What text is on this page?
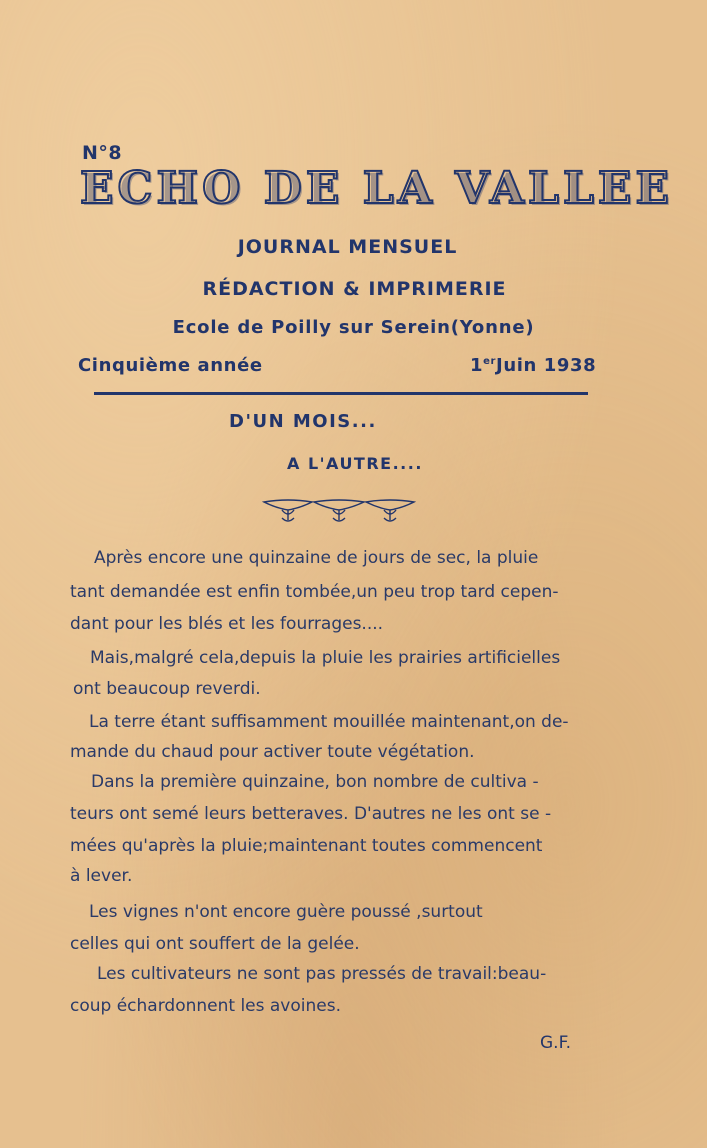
N°8
ECHO DE LA VALLEE
JOURNAL MENSUEL
RÉDACTION & IMPRIMERIE
Ecole de Poilly sur Serein(Yonne)
Cinquième année	1erJuin 1938
D'UN MOIS...
A L'AUTRE....
Après encore une quinzaine de jours de sec, la pluie
tant demandée est enfin tombée,un peu trop tard cepen-
dant pour les blés et les fourrages....
Mais,malgré cela,depuis la pluie les prairies artificielles
ont beaucoup reverdi.
La terre étant suffisamment mouillée maintenant,on de-
mande du chaud pour activer toute végétation.
Dans la première quinzaine, bon nombre de cultiva -
teurs ont semé leurs betteraves. D'autres ne les ont se -
mées qu'après la pluie;maintenant toutes commencent
à lever.
Les vignes n'ont encore guère poussé ,surtout
celles qui ont souffert de la gelée.
Les cultivateurs ne sont pas pressés de travail:beau-
coup échardonnent les avoines.
G.F.
